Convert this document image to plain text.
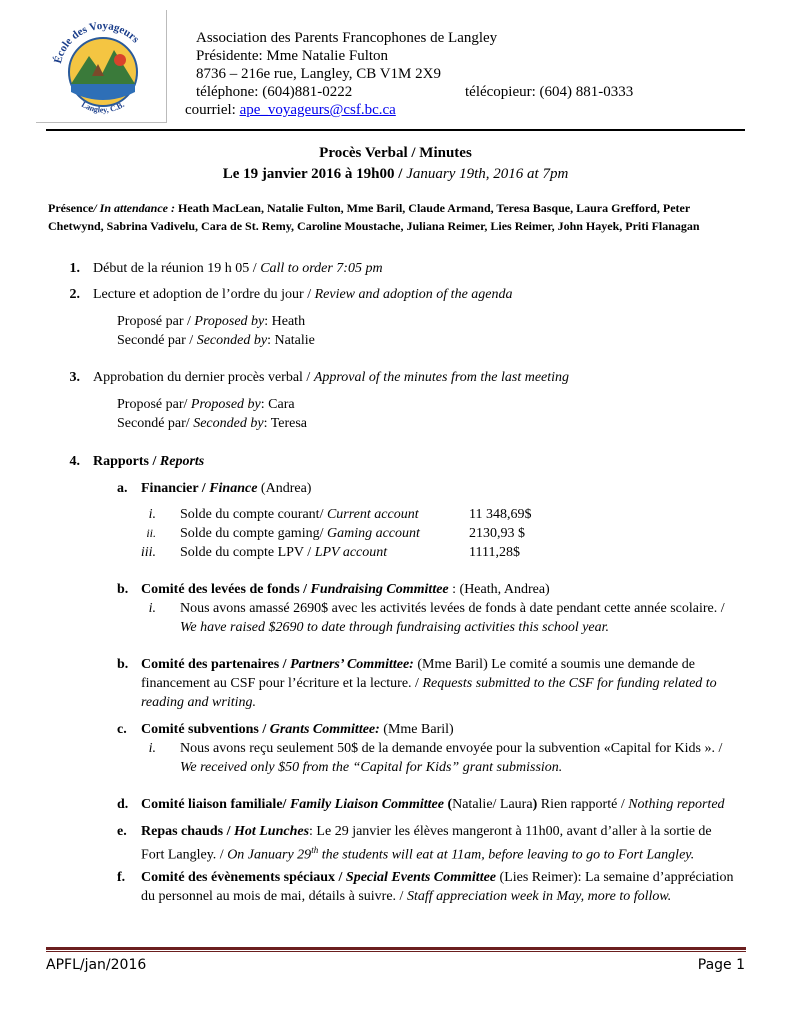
École des Voyageurs
Langley, C.B.
Association des Parents Francophones de Langley
Présidente: Mme Natalie Fulton
8736 – 216e rue, Langley, CB V1M 2X9
téléphone: (604)881-0222	télécopieur: (604) 881-0333
courriel: ape_voyageurs@csf.bc.ca
Procès Verbal / Minutes
Le 19 janvier 2016 à 19h00 / January 19th, 2016 at 7pm
Présence/ In attendance : Heath MacLean, Natalie Fulton, Mme Baril, Claude Armand, Teresa Basque, Laura Grefford, Peter Chetwynd, Sabrina Vadivelu, Cara de St. Remy, Caroline Moustache, Juliana Reimer, Lies Reimer, John Hayek, Priti Flanagan
1. Début de la réunion 19 h 05 / Call to order 7:05 pm
2. Lecture et adoption de l’ordre du jour / Review and adoption of the agenda
Proposé par / Proposed by: Heath
Secondé par / Seconded by: Natalie
3. Approbation du dernier procès verbal / Approval of the minutes from the last meeting
Proposé par/ Proposed by: Cara
Secondé par/ Seconded by: Teresa
4. Rapports / Reports
a. Financier / Finance (Andrea)
i. Solde du compte courant/ Current account	11 348,69$
ii. Solde du compte gaming/ Gaming account	2130,93 $
iii. Solde du compte LPV / LPV account	1111,28$
b. Comité des levées de fonds / Fundraising Committee : (Heath, Andrea)
i. Nous avons amassé 2690$ avec les activités levées de fonds à date pendant cette année scolaire. /
We have raised $2690 to date through fundraising activities this school year.
b. Comité des partenaires / Partners’ Committee: (Mme Baril) Le comité a soumis une demande de
financement au CSF pour l’écriture et la lecture. / Requests submitted to the CSF for funding related to
reading and writing.
c. Comité subventions / Grants Committee: (Mme Baril)
i. Nous avons reçu seulement 50$ de la demande envoyée pour la subvention «Capital for Kids ». /
We received only $50 from the “Capital for Kids” grant submission.
d. Comité liaison familiale/ Family Liaison Committee (Natalie/ Laura) Rien rapporté / Nothing reported
e. Repas chauds / Hot Lunches: Le 29 janvier les élèves mangeront à 11h00, avant d’aller à la sortie de
Fort Langley. / On January 29th the students will eat at 11am, before leaving to go to Fort Langley.
f. Comité des évènements spéciaux / Special Events Committee (Lies Reimer): La semaine d’appréciation
du personnel au mois de mai, détails à suivre. / Staff appreciation week in May, more to follow.
APFL/jan/2016	Page 1
